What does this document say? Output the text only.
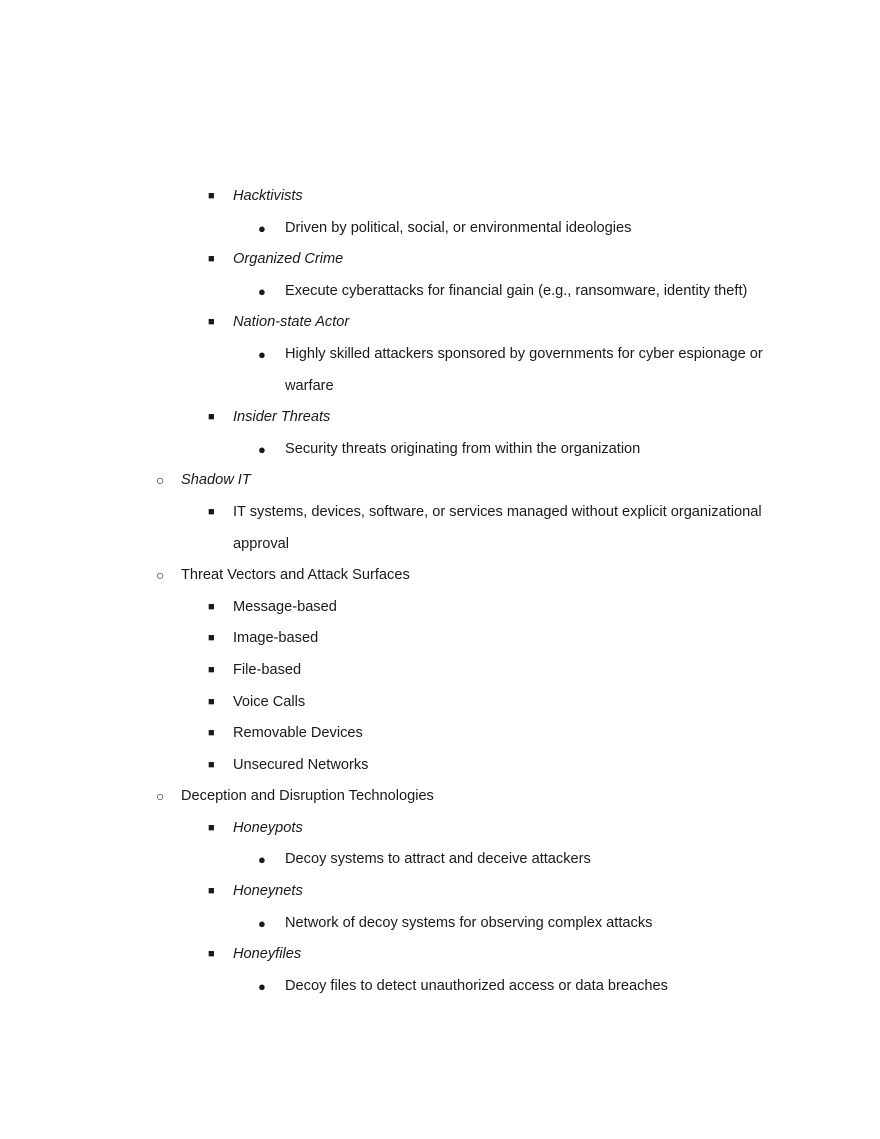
■ Hacktivists
● Driven by political, social, or environmental ideologies
■ Organized Crime
● Execute cyberattacks for financial gain (e.g., ransomware, identity theft)
■ Nation-state Actor
● Highly skilled attackers sponsored by governments for cyber espionage or warfare
■ Insider Threats
● Security threats originating from within the organization
○ Shadow IT
■ IT systems, devices, software, or services managed without explicit organizational approval
○ Threat Vectors and Attack Surfaces
■ Message-based
■ Image-based
■ File-based
■ Voice Calls
■ Removable Devices
■ Unsecured Networks
○ Deception and Disruption Technologies
■ Honeypots
● Decoy systems to attract and deceive attackers
■ Honeynets
● Network of decoy systems for observing complex attacks
■ Honeyfiles
● Decoy files to detect unauthorized access or data breaches
